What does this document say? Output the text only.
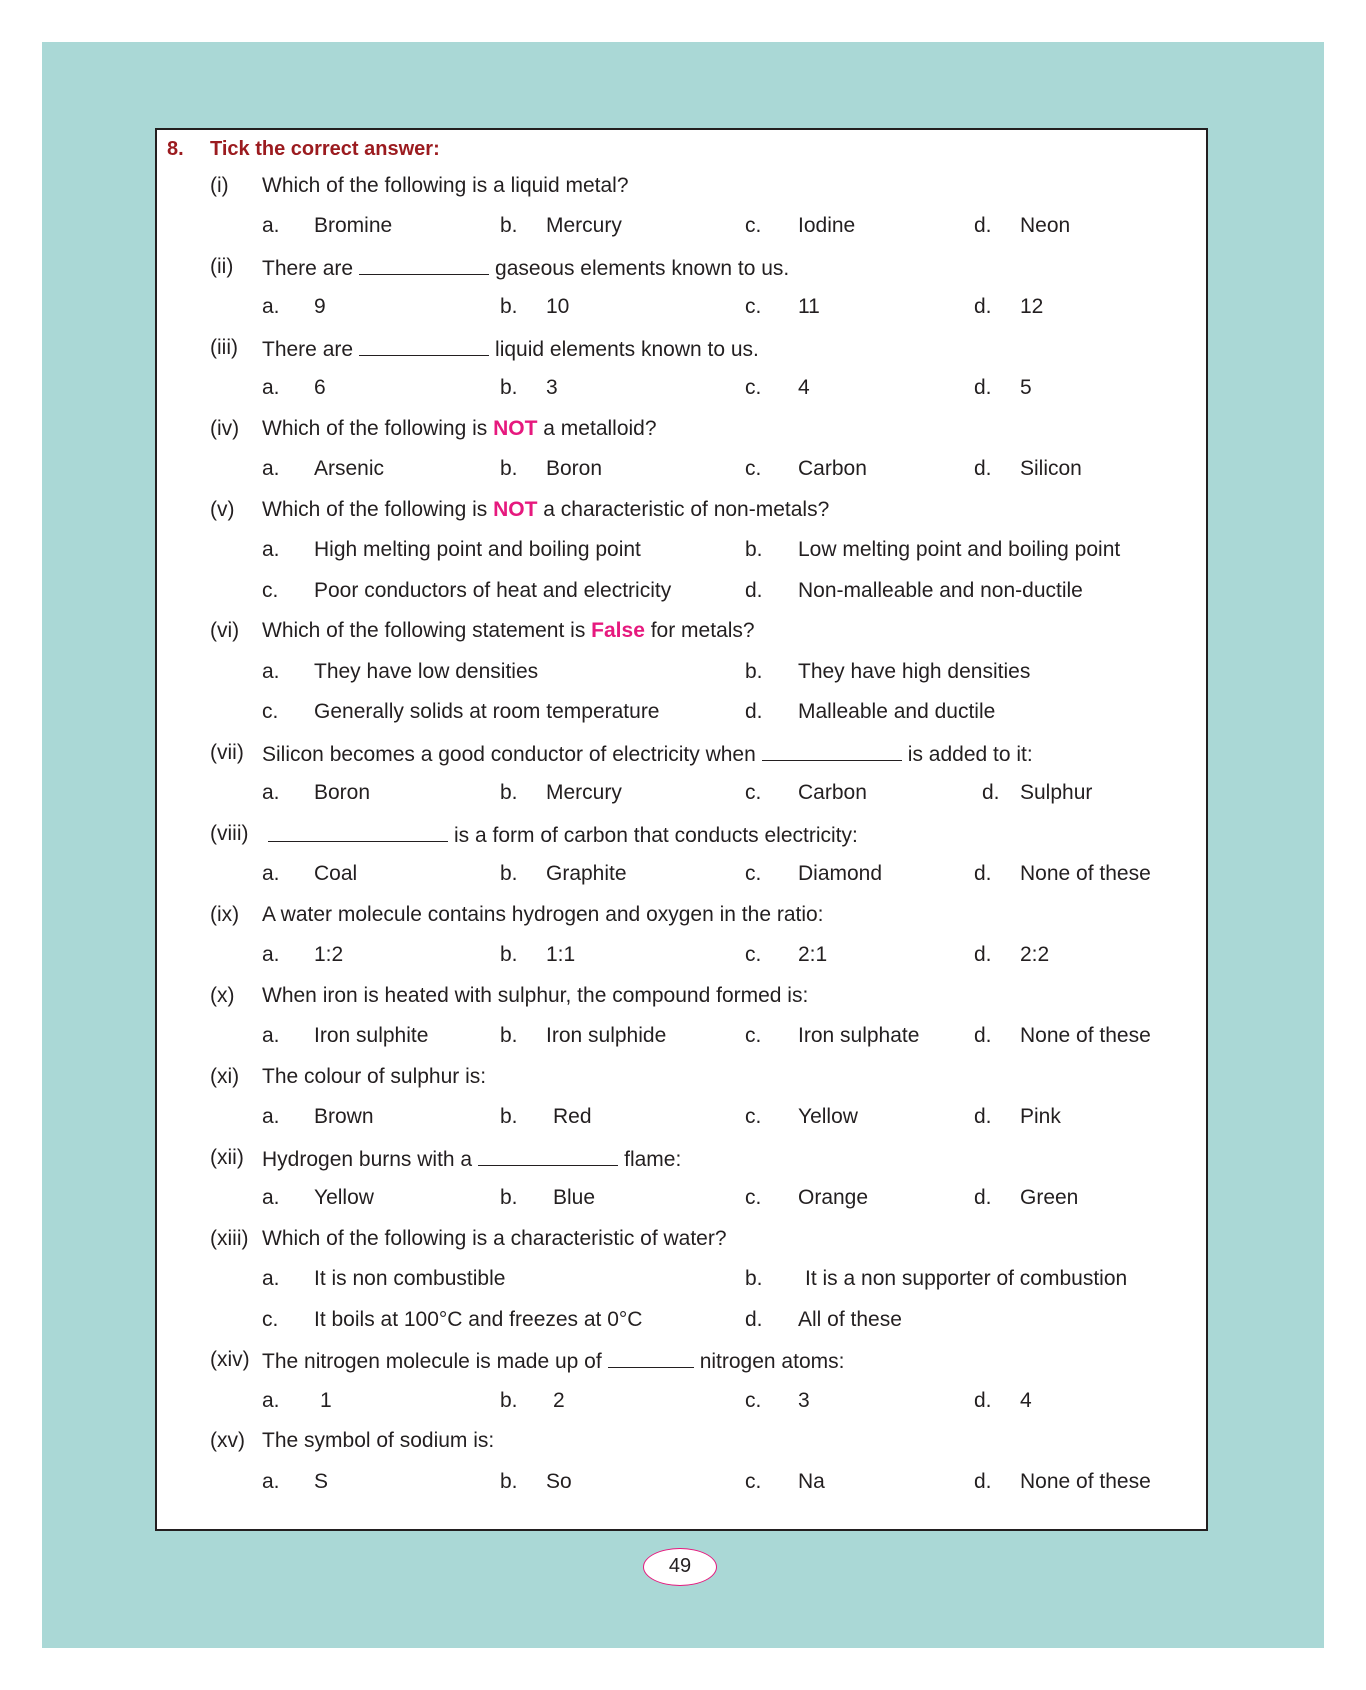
8. Tick the correct answer:
(i) Which of the following is a liquid metal?
a. Bromine	b. Mercury	c. Iodine	d. Neon
(ii) There are	gaseous elements known to us.
a. 9	b. 10	c. 11	d. 12
(iii) There are	liquid elements known to us.
a. 6	b. 3	c. 4	d. 5
(iv) Which of the following is NOT a metalloid?
a. Arsenic	b. Boron	c. Carbon	d. Silicon
(v) Which of the following is NOT a characteristic of non-metals?
a. High melting point and boiling point	b. Low melting point and boiling point
c. Poor conductors of heat and electricity	d. Non-malleable and non-ductile
(vi) Which of the following statement is False for metals?
a. They have low densities	b. They have high densities
c. Generally solids at room temperature	d. Malleable and ductile
(vii) Silicon becomes a good conductor of electricity when	is added to it:
a. Boron	b. Mercury	c. Carbon	d. Sulphur
(viii)	is a form of carbon that conducts electricity:
a. Coal	b. Graphite	c. Diamond	d. None of these
(ix) A water molecule contains hydrogen and oxygen in the ratio:
a. 1:2	b. 1:1	c. 2:1	d. 2:2
(x) When iron is heated with sulphur, the compound formed is:
a. Iron sulphite	b. Iron sulphide	c. Iron sulphate	d. None of these
(xi) The colour of sulphur is:
a. Brown	b. Red	c. Yellow	d. Pink
(xii) Hydrogen burns with a	flame:
a. Yellow	b. Blue	c. Orange	d. Green
(xiii) Which of the following is a characteristic of water?
a. It is non combustible	b. It is a non supporter of combustion
c. It boils at 100°C and freezes at 0°C	d. All of these
(xiv) The nitrogen molecule is made up of	nitrogen atoms:
a. 1	b. 2	c. 3	d. 4
(xv) The symbol of sodium is:
a. S	b. So	c. Na	d. None of these
49
